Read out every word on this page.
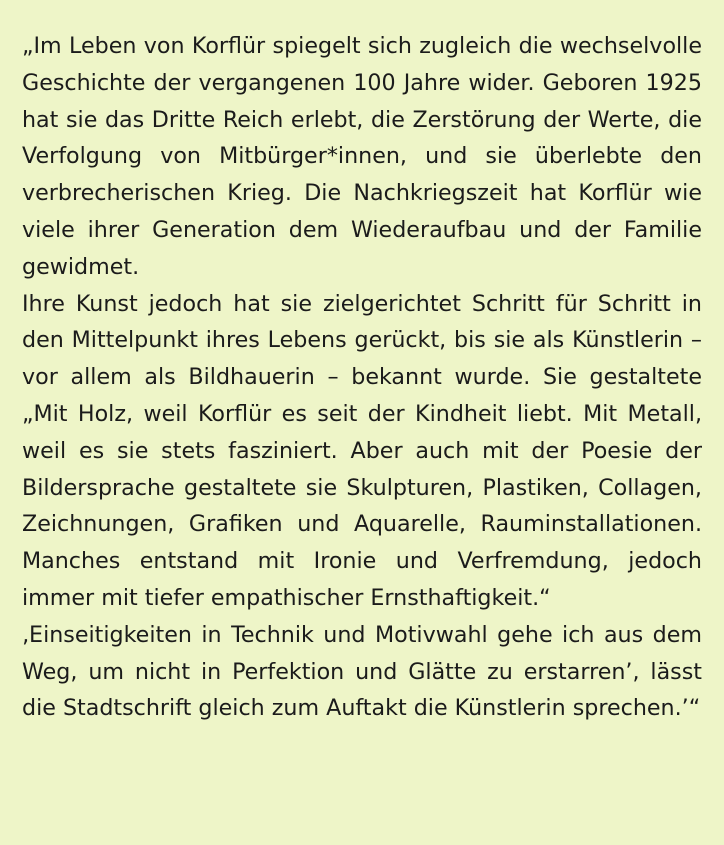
„Im Leben von Korflür spiegelt sich zugleich die wechselvolle Geschichte der vergangenen 100 Jahre wider. Geboren 1925 hat sie das Dritte Reich erlebt, die Zerstörung der Werte, die Verfolgung von Mitbürger*innen, und sie überlebte den verbrecherischen Krieg. Die Nachkriegszeit hat Korflür wie viele ihrer Generation dem Wiederaufbau und der Familie gewidmet.

Ihre Kunst jedoch hat sie zielgerichtet Schritt für Schritt in den Mittelpunkt ihres Lebens gerückt, bis sie als Künstlerin – vor allem als Bildhauerin – bekannt wurde. Sie gestaltete „Mit Holz, weil Korflür es seit der Kindheit liebt. Mit Metall, weil es sie stets fasziniert. Aber auch mit der Poesie der Bildersprache gestaltete sie Skulpturen, Plastiken, Collagen, Zeichnungen, Grafiken und Aquarelle, Rauminstallationen. Manches entstand mit Ironie und Verfremdung, jedoch immer mit tiefer empathischer Ernsthaftigkeit.“

‚Einseitigkeiten in Technik und Motivwahl gehe ich aus dem Weg, um nicht in Perfektion und Glätte zu erstarren’, lässt die Stadtschrift gleich zum Auftakt die Künstlerin sprechen.’“
